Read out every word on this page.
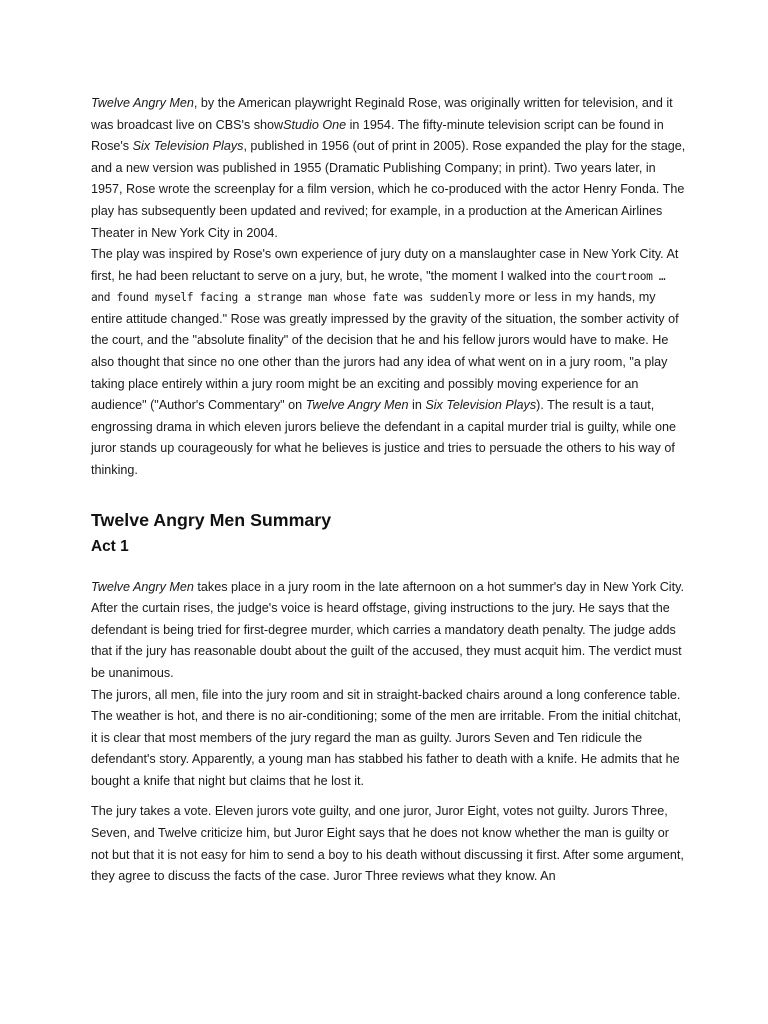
Twelve Angry Men, by the American playwright Reginald Rose, was originally written for television, and it was broadcast live on CBS's showStudio One in 1954. The fifty-minute television script can be found in Rose's Six Television Plays, published in 1956 (out of print in 2005). Rose expanded the play for the stage, and a new version was published in 1955 (Dramatic Publishing Company; in print). Two years later, in 1957, Rose wrote the screenplay for a film version, which he co-produced with the actor Henry Fonda. The play has subsequently been updated and revived; for example, in a production at the American Airlines Theater in New York City in 2004.

The play was inspired by Rose's own experience of jury duty on a manslaughter case in New York City. At first, he had been reluctant to serve on a jury, but, he wrote, "the moment I walked into the courtroom … and found myself facing a strange man whose fate was suddenly more or less in my hands, my entire attitude changed." Rose was greatly impressed by the gravity of the situation, the somber activity of the court, and the "absolute finality" of the decision that he and his fellow jurors would have to make. He also thought that since no one other than the jurors had any idea of what went on in a jury room, "a play taking place entirely within a jury room might be an exciting and possibly moving experience for an audience" ("Author's Commentary" on Twelve Angry Men in Six Television Plays). The result is a taut, engrossing drama in which eleven jurors believe the defendant in a capital murder trial is guilty, while one juror stands up courageously for what he believes is justice and tries to persuade the others to his way of thinking.

Twelve Angry Men Summary
Act 1

Twelve Angry Men takes place in a jury room in the late afternoon on a hot summer's day in New York City. After the curtain rises, the judge's voice is heard offstage, giving instructions to the jury. He says that the defendant is being tried for first-degree murder, which carries a mandatory death penalty. The judge adds that if the jury has reasonable doubt about the guilt of the accused, they must acquit him. The verdict must be unanimous.

The jurors, all men, file into the jury room and sit in straight-backed chairs around a long conference table. The weather is hot, and there is no air-conditioning; some of the men are irritable. From the initial chitchat, it is clear that most members of the jury regard the man as guilty. Jurors Seven and Ten ridicule the defendant's story. Apparently, a young man has stabbed his father to death with a knife. He admits that he bought a knife that night but claims that he lost it.

The jury takes a vote. Eleven jurors vote guilty, and one juror, Juror Eight, votes not guilty. Jurors Three, Seven, and Twelve criticize him, but Juror Eight says that he does not know whether the man is guilty or not but that it is not easy for him to send a boy to his death without discussing it first. After some argument, they agree to discuss the facts of the case. Juror Three reviews what they know. An
